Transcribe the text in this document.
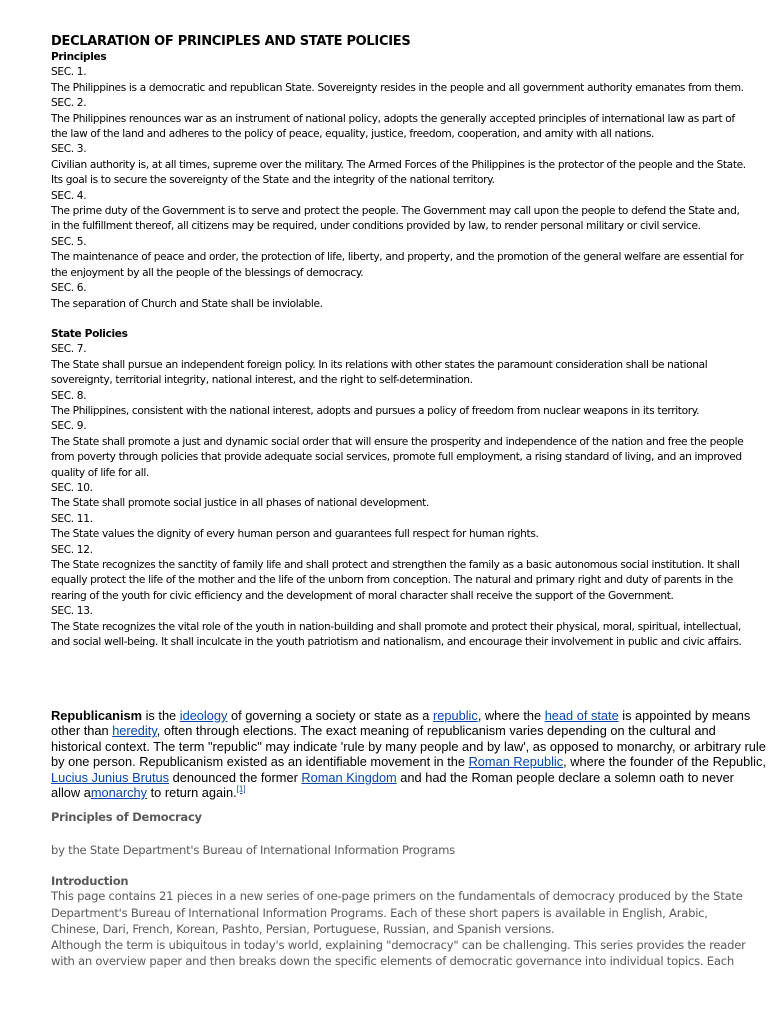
DECLARATION OF PRINCIPLES AND STATE POLICIES
Principles

SEC. 1.

The Philippines is a democratic and republican State. Sovereignty resides in the people and all government authority emanates from them.

SEC. 2.

The Philippines renounces war as an instrument of national policy, adopts the generally accepted principles of international law as part of the law of the land and adheres to the policy of peace, equality, justice, freedom, cooperation, and amity with all nations.

SEC. 3.

Civilian authority is, at all times, supreme over the military. The Armed Forces of the Philippines is the protector of the people and the State. Its goal is to secure the sovereignty of the State and the integrity of the national territory.

SEC. 4.

The prime duty of the Government is to serve and protect the people. The Government may call upon the people to defend the State and, in the fulfillment thereof, all citizens may be required, under conditions provided by law, to render personal military or civil service.

SEC. 5.

The maintenance of peace and order, the protection of life, liberty, and property, and the promotion of the general welfare are essential for the enjoyment by all the people of the blessings of democracy.

SEC. 6.

The separation of Church and State shall be inviolable.

State Policies

SEC. 7.

The State shall pursue an independent foreign policy. In its relations with other states the paramount consideration shall be national sovereignty, territorial integrity, national interest, and the right to self-determination.

SEC. 8.

The Philippines, consistent with the national interest, adopts and pursues a policy of freedom from nuclear weapons in its territory.

SEC. 9.

The State shall promote a just and dynamic social order that will ensure the prosperity and independence of the nation and free the people from poverty through policies that provide adequate social services, promote full employment, a rising standard of living, and an improved quality of life for all.

SEC. 10.

The State shall promote social justice in all phases of national development.

SEC. 11.

The State values the dignity of every human person and guarantees full respect for human rights.

SEC. 12.

The State recognizes the sanctity of family life and shall protect and strengthen the family as a basic autonomous social institution. It shall equally protect the life of the mother and the life of the unborn from conception. The natural and primary right and duty of parents in the rearing of the youth for civic efficiency and the development of moral character shall receive the support of the Government.

SEC. 13.

The State recognizes the vital role of the youth in nation-building and shall promote and protect their physical, moral, spiritual, intellectual, and social well-being. It shall inculcate in the youth patriotism and nationalism, and encourage their involvement in public and civic affairs.

Republicanism is the ideology of governing a society or state as a republic, where the head of state is appointed by means other than heredity, often through elections. The exact meaning of republicanism varies depending on the cultural and historical context. The term "republic" may indicate 'rule by many people and by law', as opposed to monarchy, or arbitrary rule by one person. Republicanism existed as an identifiable movement in the Roman Republic, where the founder of the Republic, Lucius Junius Brutus denounced the former Roman Kingdom and had the Roman people declare a solemn oath to never allow amonarchy to return again.[1]
Principles of Democracy
by the State Department's Bureau of International Information Programs
Introduction
This page contains 21 pieces in a new series of one-page primers on the fundamentals of democracy produced by the State Department's Bureau of International Information Programs. Each of these short papers is available in English, Arabic, Chinese, Dari, French, Korean, Pashto, Persian, Portuguese, Russian, and Spanish versions.
Although the term is ubiquitous in today's world, explaining "democracy" can be challenging. This series provides the reader with an overview paper and then breaks down the specific elements of democratic governance into individual topics. Each
